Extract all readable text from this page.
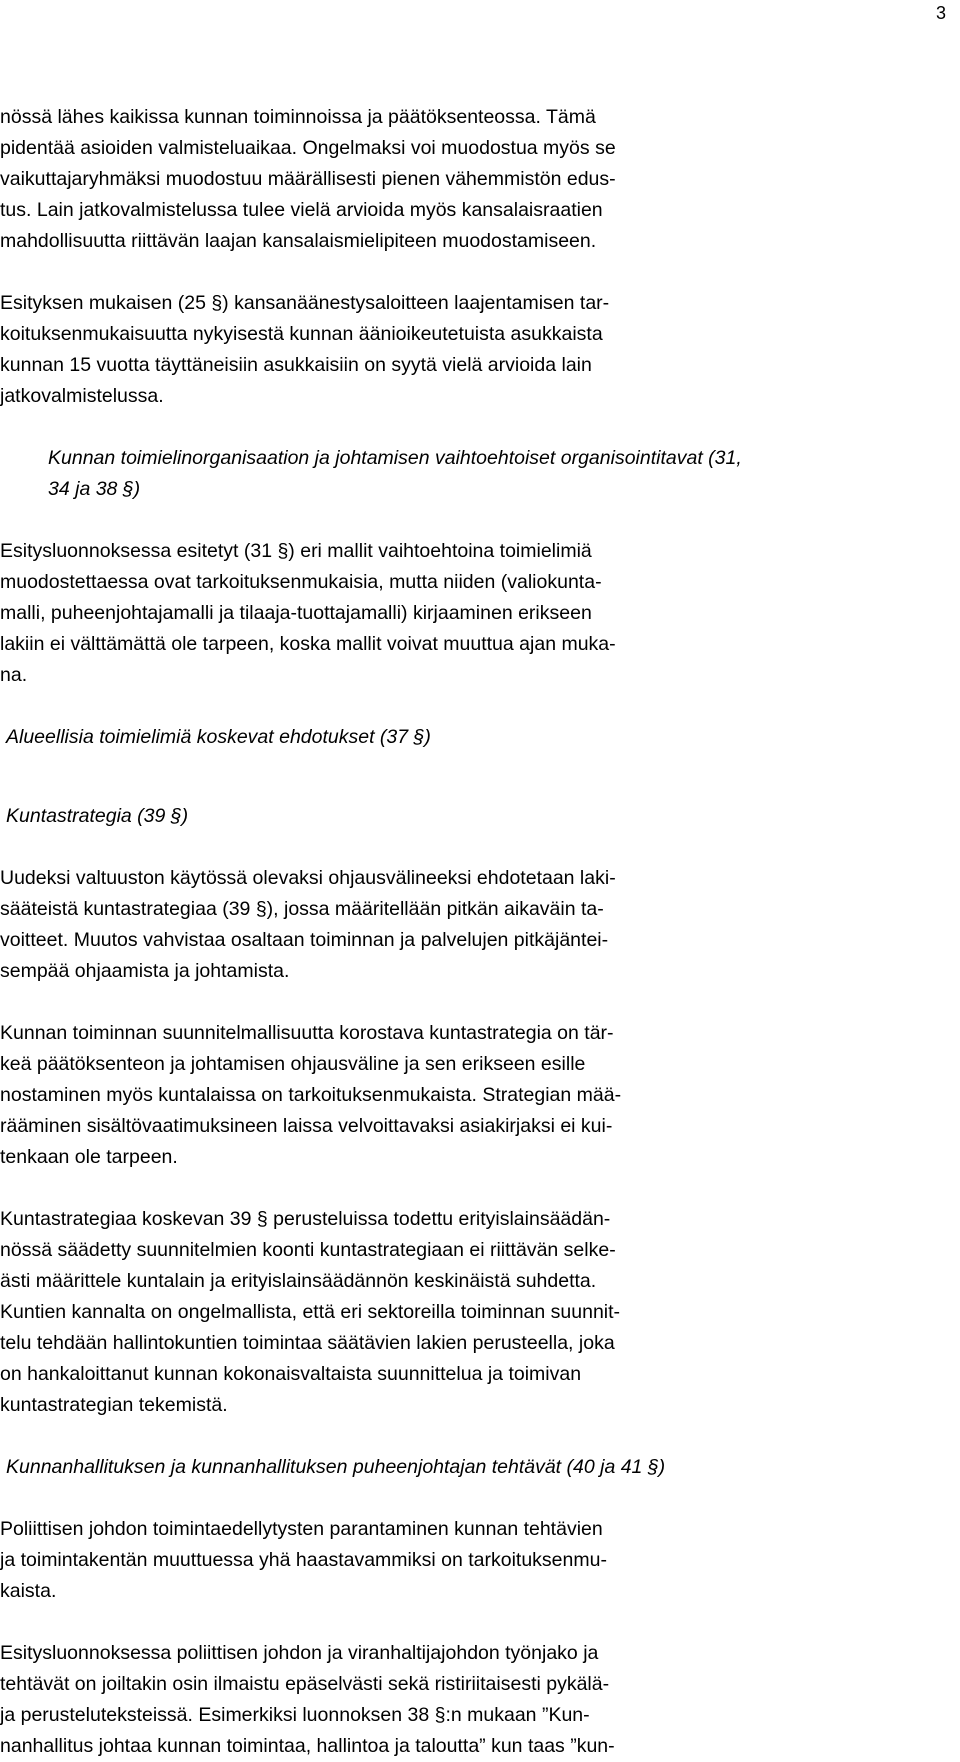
3
nössä lähes kaikissa kunnan toiminnoissa ja päätöksenteossa. Tämä
pidentää asioiden valmisteluaikaa. Ongelmaksi voi muodostua myös se
vaikuttajaryhmäksi muodostuu määrällisesti pienen vähemmistön edus-
tus. Lain jatkovalmistelussa tulee vielä arvioida myös kansalaisraatien
mahdollisuutta riittävän laajan kansalaismielipiteen muodostamiseen.
Esityksen mukaisen (25 §) kansanäänestysaloitteen laajentamisen tar-
koituksenmukaisuutta nykyisestä kunnan äänioikeutetuista asukkaista
kunnan 15 vuotta täyttäneisiin asukkaisiin on syytä vielä arvioida lain
jatkovalmistelussa.
Kunnan toimielinorganisaation ja johtamisen vaihtoehtoiset organisointitavat (31,
34 ja 38 §)
Esitysluonnoksessa esitetyt (31 §) eri mallit vaihtoehtoina toimielimiä
muodostettaessa ovat tarkoituksenmukaisia, mutta niiden (valiokunta-
malli, puheenjohtajamalli ja tilaaja-tuottajamalli) kirjaaminen erikseen
lakiin ei välttämättä ole tarpeen, koska mallit voivat muuttua ajan muka-
na.
Alueellisia toimielimiä koskevat ehdotukset (37 §)
Kuntastrategia (39 §)
Uudeksi valtuuston käytössä olevaksi ohjausvälineeksi ehdotetaan laki-
sääteistä kuntastrategiaa (39 §), jossa määritellään pitkän aikaväin ta-
voitteet. Muutos vahvistaa osaltaan toiminnan ja palvelujen pitkäjäntei-
sempää ohjaamista ja johtamista.
Kunnan toiminnan suunnitelmallisuutta korostava kuntastrategia on tär-
keä päätöksenteon ja johtamisen ohjausväline ja sen erikseen esille
nostaminen myös kuntalaissa on tarkoituksenmukaista. Strategian mää-
rääminen sisältövaatimuksineen laissa velvoittavaksi asiakirjaksi ei kui-
tenkaan ole tarpeen.
Kuntastrategiaa koskevan 39 § perusteluissa todettu erityislainsäädän-
nössä säädetty suunnitelmien koonti kuntastrategiaan ei riittävän selke-
ästi määrittele kuntalain ja erityislainsäädännön keskinäistä suhdetta.
Kuntien kannalta on ongelmallista, että eri sektoreilla toiminnan suunnit-
telu tehdään hallintokuntien toimintaa säätävien lakien perusteella, joka
on hankaloittanut kunnan kokonaisvaltaista suunnittelua ja toimivan
kuntastrategian tekemistä.
Kunnanhallituksen ja kunnanhallituksen puheenjohtajan tehtävät (40 ja 41 §)
Poliittisen johdon toimintaedellytysten parantaminen kunnan tehtävien
ja toimintakentän muuttuessa yhä haastavammiksi on tarkoituksenmu-
kaista.
Esitysluonnoksessa poliittisen johdon ja viranhaltijajohdon työnjako ja
tehtävät on joiltakin osin ilmaistu epäselvästi sekä ristiriitaisesti pykälä-
ja perusteluteksteissä. Esimerkiksi luonnoksen 38 §:n mukaan ”Kun-
nanhallitus johtaa kunnan toimintaa, hallintoa ja taloutta” kun taas ”kun-
